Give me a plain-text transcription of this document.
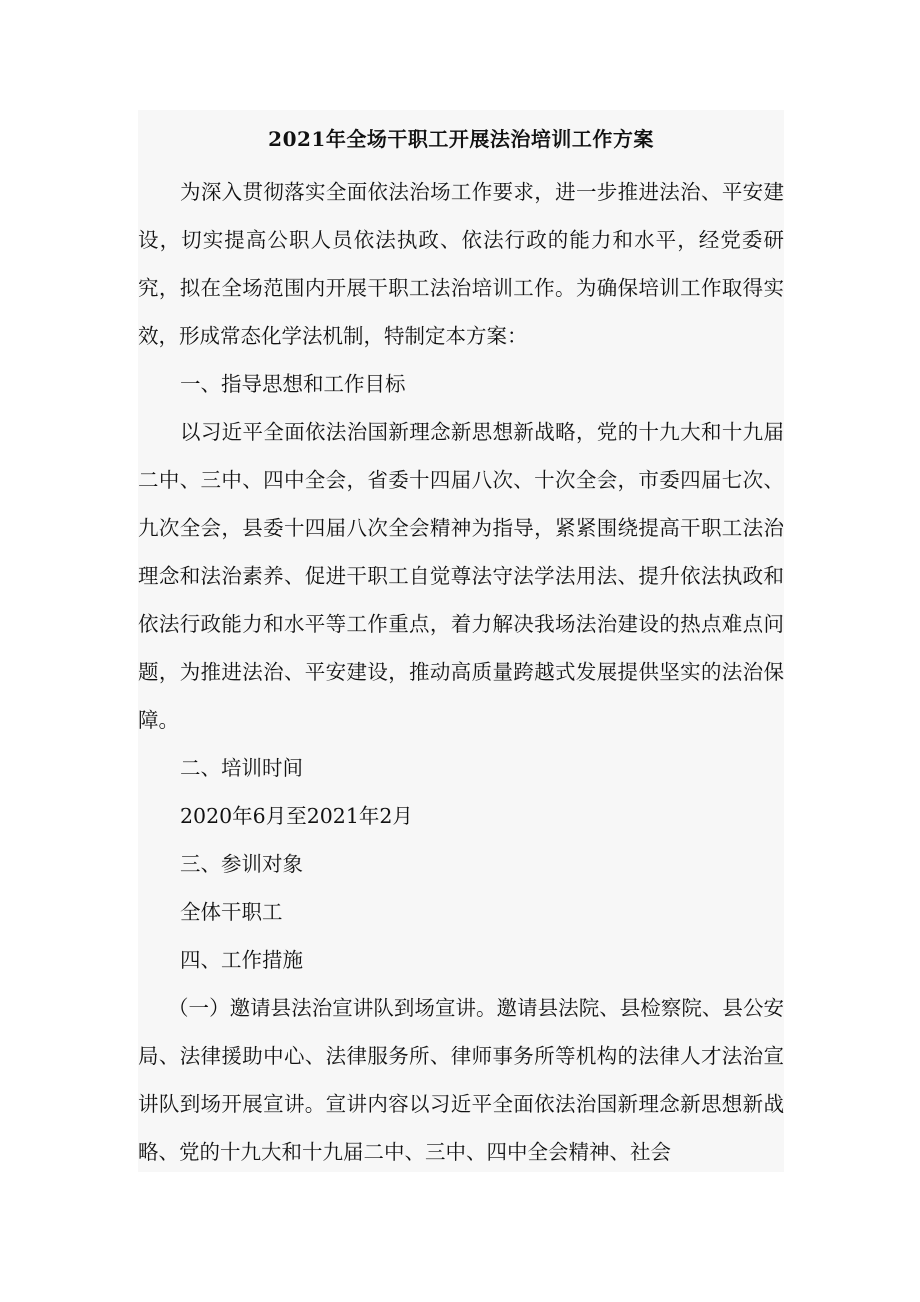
2021年全场干职工开展法治培训工作方案

为深入贯彻落实全面依法治场工作要求，进一步推进法治、平安建设，切实提高公职人员依法执政、依法行政的能力和水平，经党委研究，拟在全场范围内开展干职工法治培训工作。为确保培训工作取得实效，形成常态化学法机制，特制定本方案：

一、指导思想和工作目标

以习近平全面依法治国新理念新思想新战略，党的十九大和十九届二中、三中、四中全会，省委十四届八次、十次全会，市委四届七次、九次全会，县委十四届八次全会精神为指导，紧紧围绕提高干职工法治理念和法治素养、促进干职工自觉尊法守法学法用法、提升依法执政和依法行政能力和水平等工作重点，着力解决我场法治建设的热点难点问题，为推进法治、平安建设，推动高质量跨越式发展提供坚实的法治保障。

二、培训时间

2020年6月至2021年2月

三、参训对象

全体干职工

四、工作措施

（一）邀请县法治宣讲队到场宣讲。邀请县法院、县检察院、县公安局、法律援助中心、法律服务所、律师事务所等机构的法律人才法治宣讲队到场开展宣讲。宣讲内容以习近平全面依法治国新理念新思想新战略、党的十九大和十九届二中、三中、四中全会精神、社会
